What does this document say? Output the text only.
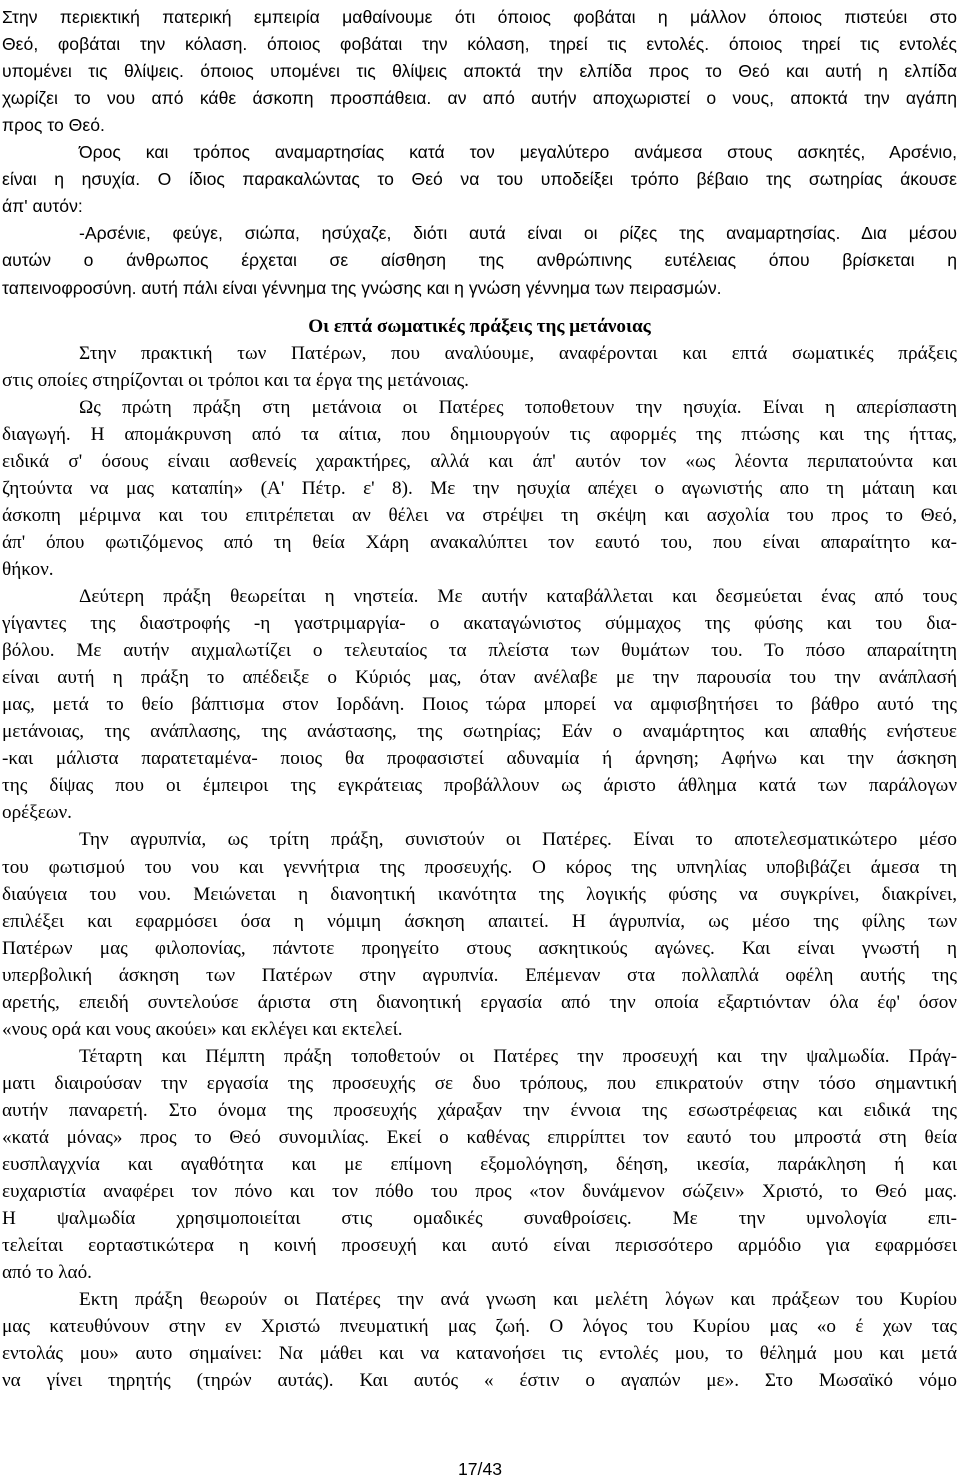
Στην περιεκτική πατερική εμπειρία μαθαίνουμε ότι όποιος φοβάται η μάλλον όποιος πιστεύει στο
Θεό, φοβάται την κόλαση. όποιος φοβάται την κόλαση, τηρεί τις εντολές. όποιος τηρεί τις εντολές
υπομένει τις θλίψεις. όποιος υπομένει τις θλίψεις αποκτά την ελπίδα προς το Θεό και αυτή η ελπίδα
χωρίζει το νου από κάθε άσκοπη προσπάθεια. αν από αυτήν αποχωριστεί ο νους, αποκτά την αγάπη
προς το Θεό.
Όρος και τρόπος αναμαρτησίας κατά τον μεγαλύτερο ανάμεσα στους ασκητές, Αρσένιο,
είναι η ησυχία. Ο ίδιος παρακαλώντας το Θεό να του υποδείξει τρόπο βέβαιο της σωτηρίας άκουσε
άπ' αυτόν:
-Αρσένιε, φεύγε, σιώπα, ησύχαζε, διότι αυτά είναι οι ρίζες της αναμαρτησίας. Δια μέσου
αυτών ο άνθρωπος έρχεται σε αίσθηση της ανθρώπινης ευτέλειας όπου βρίσκεται η
ταπεινοφροσύνη. αυτή πάλι είναι γέννημα της γνώσης και η γνώση γέννημα των πειρασμών.
Οι επτά σωματικές πράξεις της μετάνοιας
Στην πρακτική των Πατέρων, που αναλύουμε, αναφέρονται και επτά σωματικές πράξεις
στις οποίες στηρίζονται οι τρόποι και τα έργα της μετάνοιας.
Ως πρώτη πράξη στη μετάνοια οι Πατέρες τοποθετουν την ησυχία. Είναι η απερίσπαστη
διαγωγή. Η απομάκρυνση από τα αίτια, που δημιουργούν τις αφορμές της πτώσης και της ήττας,
ειδικά σ' όσους είναιι ασθενείς χαρακτήρες, αλλά και άπ' αυτόν τον «ως λέοντα περιπατούντα και
ζητούντα να μας καταπίη» (Α' Πέτρ. ε' 8). Με την ησυχία απέχει ο αγωνιστής απο τη μάταιη και
άσκοπη μέριμνα και του επιτρέπεται αν θέλει να στρέψει τη σκέψη και ασχολία του προς το Θεό,
άπ' όπου φωτιζόμενος από τη θεία Χάρη ανακαλύπτει τον εαυτό του, που είναι απαραίτητο κα-
θήκον.
Δεύτερη πράξη θεωρείται η νηστεία. Με αυτήν καταβάλλεται και δεσμεύεται ένας από τους
γίγαντες της διαστροφής -η γαστριμαργία- ο ακαταγώνιστος σύμμαχος της φύσης και του δια-
βόλου. Με αυτήν αιχμαλωτίζει ο τελευταίος τα πλείστα των θυμάτων του. Το πόσο απαραίτητη
είναι αυτή η πράξη το απέδειξε ο Κύριός μας, όταν ανέλαβε με την παρουσία του την ανάπλασή
μας, μετά το θείο βάπτισμα στον Ιορδάνη. Ποιος τώρα μπορεί να αμφισβητήσει το βάθρο αυτό της
μετάνοιας, της ανάπλασης, της ανάστασης, της σωτηρίας; Εάν ο αναμάρτητος και απαθής ενήστευε
-και μάλιστα παρατεταμένα- ποιος θα προφασιστεί αδυναμία ή άρνηση; Αφήνω και την άσκηση
της δίψας που οι έμπειροι της εγκράτειας προβάλλουν ως άριστο άθλημα κατά των παράλογων
ορέξεων.
Την αγρυπνία, ως τρίτη πράξη, συνιστούν οι Πατέρες. Είναι το αποτελεσματικώτερο μέσο
του φωτισμού του νου και γεννήτρια της προσευχής. Ο κόρος της υπνηλίας υποβιβάζει άμεσα τη
διαύγεια του νου. Μειώνεται η διανοητική ικανότητα της λογικής φύσης να συγκρίνει, διακρίνει,
επιλέξει και εφαρμόσει όσα η νόμιμη άσκηση απαιτεί. Η άγρυπνία, ως μέσο της φίλης των
Πατέρων μας φιλοπονίας, πάντοτε προηγείτο στους ασκητικούς αγώνες. Και είναι γνωστή η
υπερβολική άσκηση των Πατέρων στην αγρυπνία. Επέμεναν στα πολλαπλά οφέλη αυτής της
αρετής, επειδή συντελούσε άριστα στη διανοητική εργασία από την οποία εξαρτιόνταν όλα έφ' όσον
«νους ορά και νους ακούει» και εκλέγει και εκτελεί.
Τέταρτη και Πέμπτη πράξη τοποθετούν οι Πατέρες την προσευχή και την ψαλμωδία. Πράγ-
ματι διαιρούσαν την εργασία της προσευχής σε δυο τρόπους, που επικρατούν στην τόσο σημαντική
αυτήν παναρετή. Στο όνομα της προσευχής χάραξαν την έννοια της εσωστρέφειας και ειδικά της
«κατά μόνας» προς το Θεό συνομιλίας. Εκεί ο καθένας επιρρίπτει τον εαυτό του μπροστά στη θεία
ευσπλαγχνία και αγαθότητα και με επίμονη εξομολόγηση, δέηση, ικεσία, παράκληση ή και
ευχαριστία αναφέρει τον πόνο και τον πόθο του προς «τον δυνάμενον σώζειν» Χριστό, το Θεό μας.
Η ψαλμωδία χρησιμοποιείται στις ομαδικές συναθροίσεις. Με την υμνολογία επι-
τελείται εορταστικώτερα η κοινή προσευχή και αυτό είναι περισσότερο αρμόδιο για εφαρμόσει
από το λαό.
Εκτη πράξη θεωρούν οι Πατέρες την ανά γνωση και μελέτη λόγων και πράξεων του Κυρίου
μας κατευθύνουν στην εν Χριστώ πνευματική μας ζωή. Ο λόγος του Κυρίου μας «ο έ χων τας
εντολάς μου» αυτο σημαίνει: Να μάθει και να κατανοήσει τις εντολές μου, το θέλημά μου και μετά
να γίνει τηρητής (τηρών αυτάς). Και αυτός « έστιν ο αγαπών με». Στο Μωσαϊκό νόμο
17/43
